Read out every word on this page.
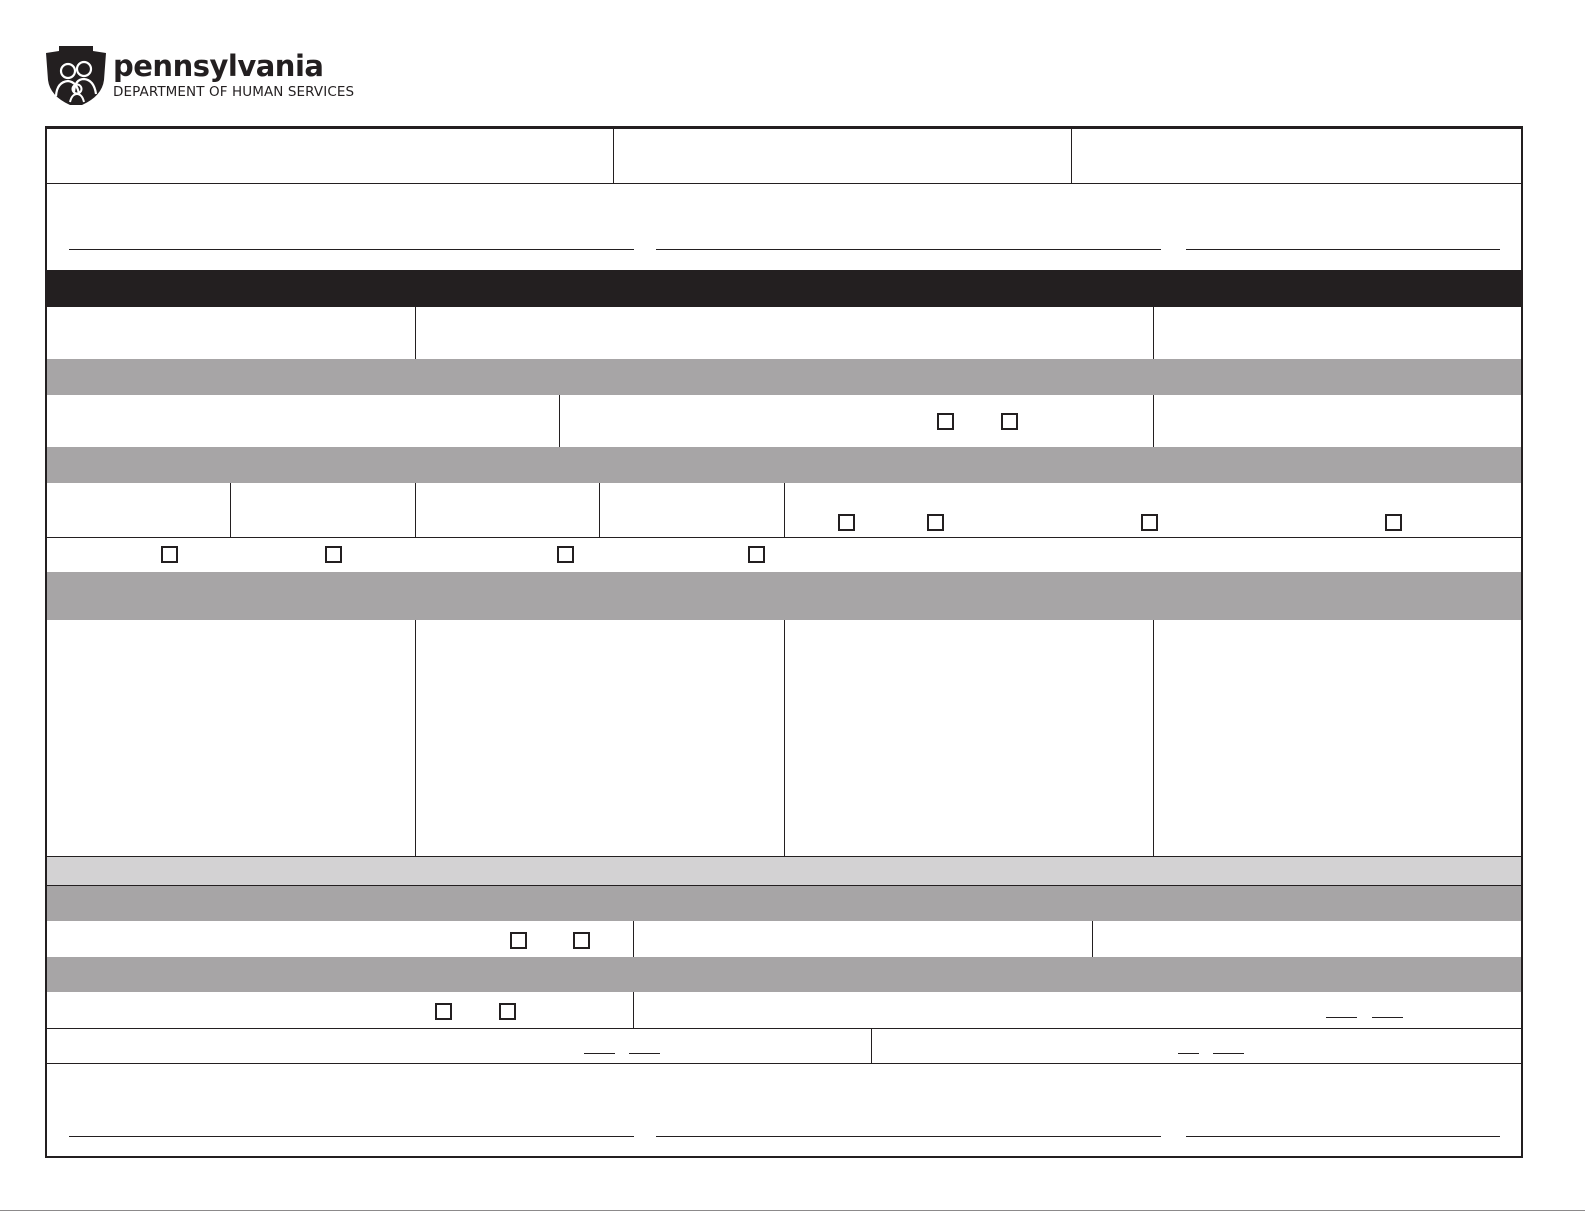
pennsylvania
DEPARTMENT OF HUMAN SERVICES
